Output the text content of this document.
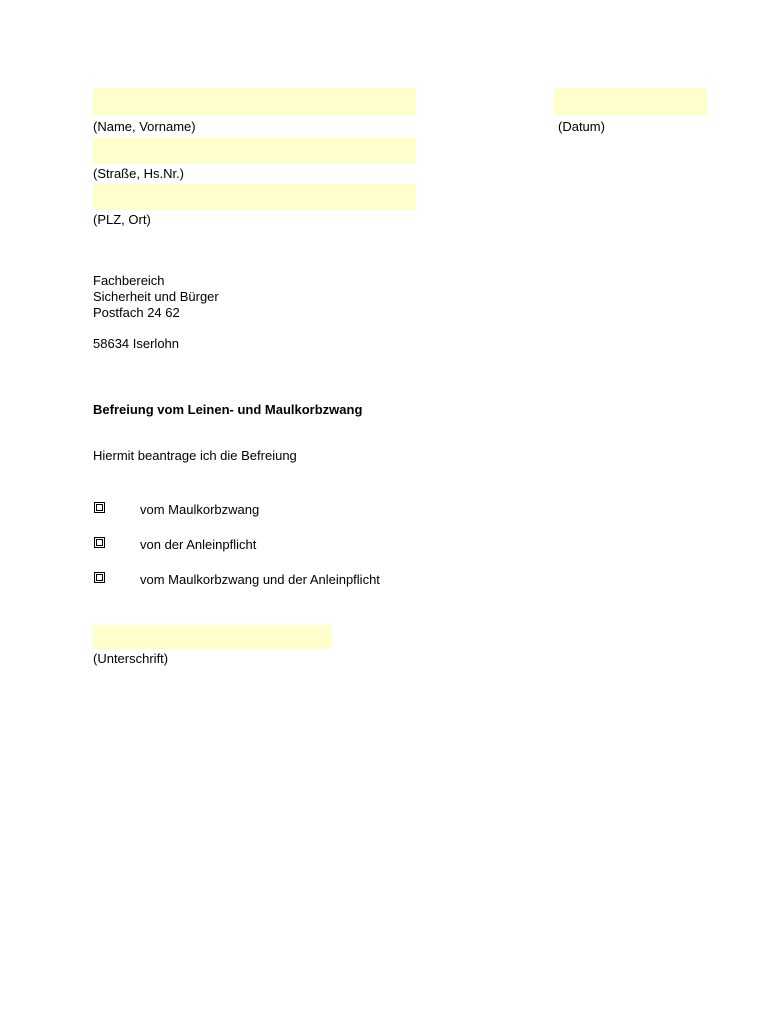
(Name, Vorname)	(Datum)
(Straße, Hs.Nr.)
(PLZ, Ort)
Fachbereich
Sicherheit und Bürger
Postfach 24 62
58634 Iserlohn
Befreiung vom Leinen- und Maulkorbzwang
Hiermit beantrage ich die Befreiung
vom Maulkorbzwang
von der Anleinpflicht
vom Maulkorbzwang und der Anleinpflicht
(Unterschrift)
